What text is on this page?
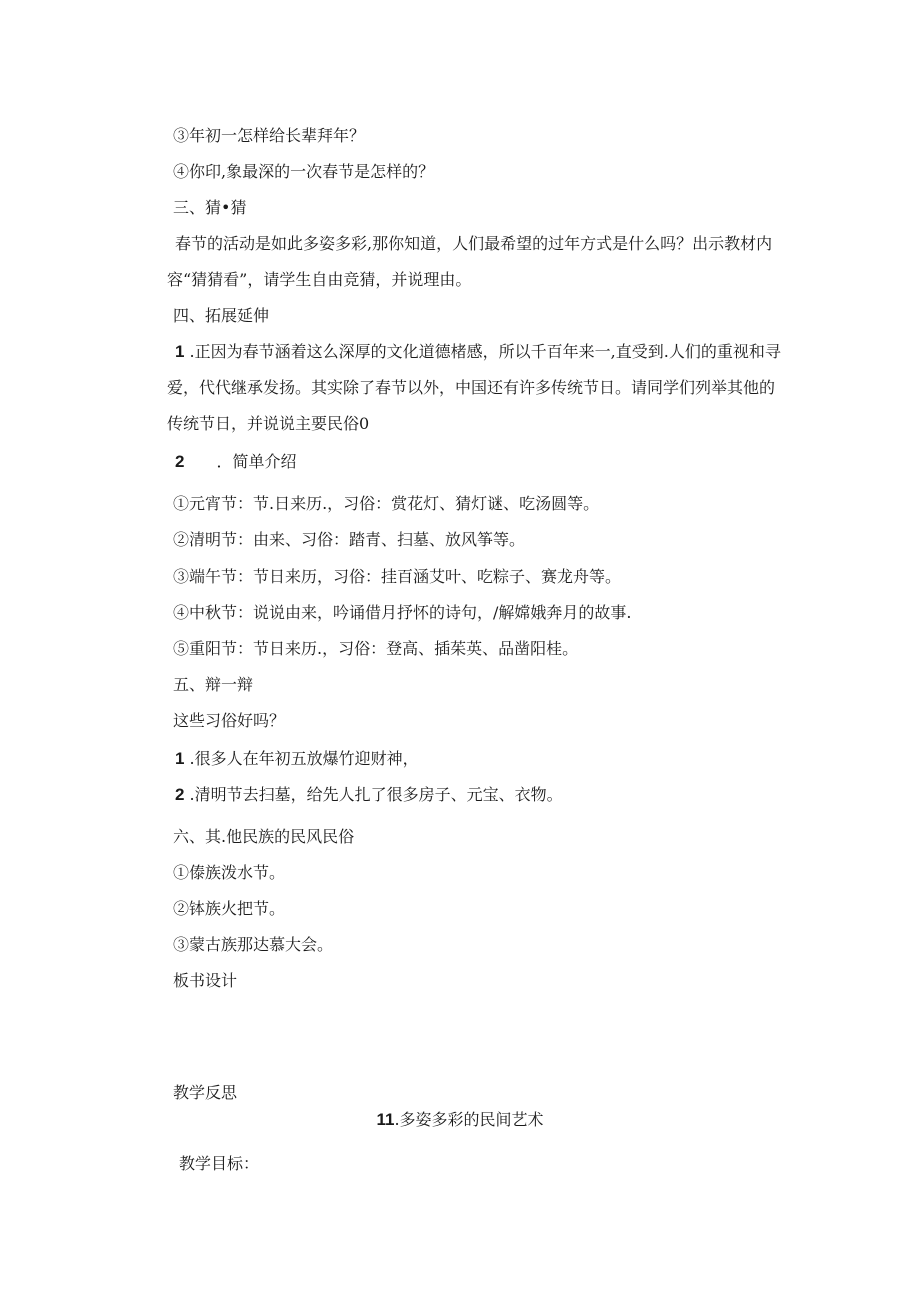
③年初一怎样给长辈拜年？
④你印,象最深的一次春节是怎样的？
三、猜•猜
春节的活动是如此多姿多彩,那你知道，人们最希望的过年方式是什么吗？出示教材内容“猜猜看”，请学生自由竞猜，并说理由。
四、拓展延伸
1 .正因为春节涵着这么深厚的文化道德楮感，所以千百年来一,直受到.人们的重视和寻爱，代代继承发扬。其实除了春节以外，中国还有许多传统节日。请同学们列举其他的传统节日，并说说主要民俗0
2 ．简单介绍
①元宵节：节.日来历.，习俗：赏花灯、猜灯谜、吃汤圆等。
②清明节：由来、习俗：踏青、扫墓、放风筝等。
③端午节：节日来历，习俗：挂百涵艾叶、吃粽子、赛龙舟等。
④中秋节：说说由来，吟诵借月抒怀的诗句，/解嫦娥奔月的故事.
⑤重阳节：节日来历.，习俗：登高、插茱英、品凿阳桂。
五、辩一辩
这些习俗好吗？
1 .很多人在年初五放爆竹迎财神，
2 .清明节去扫墓，给先人扎了很多房子、元宝、衣物。
六、其.他民族的民风民俗
①傣族泼水节。
②钵族火把节。
③蒙古族那达慕大会。
板书设计
教学反思
11.多姿多彩的民间艺术
教学目标：
